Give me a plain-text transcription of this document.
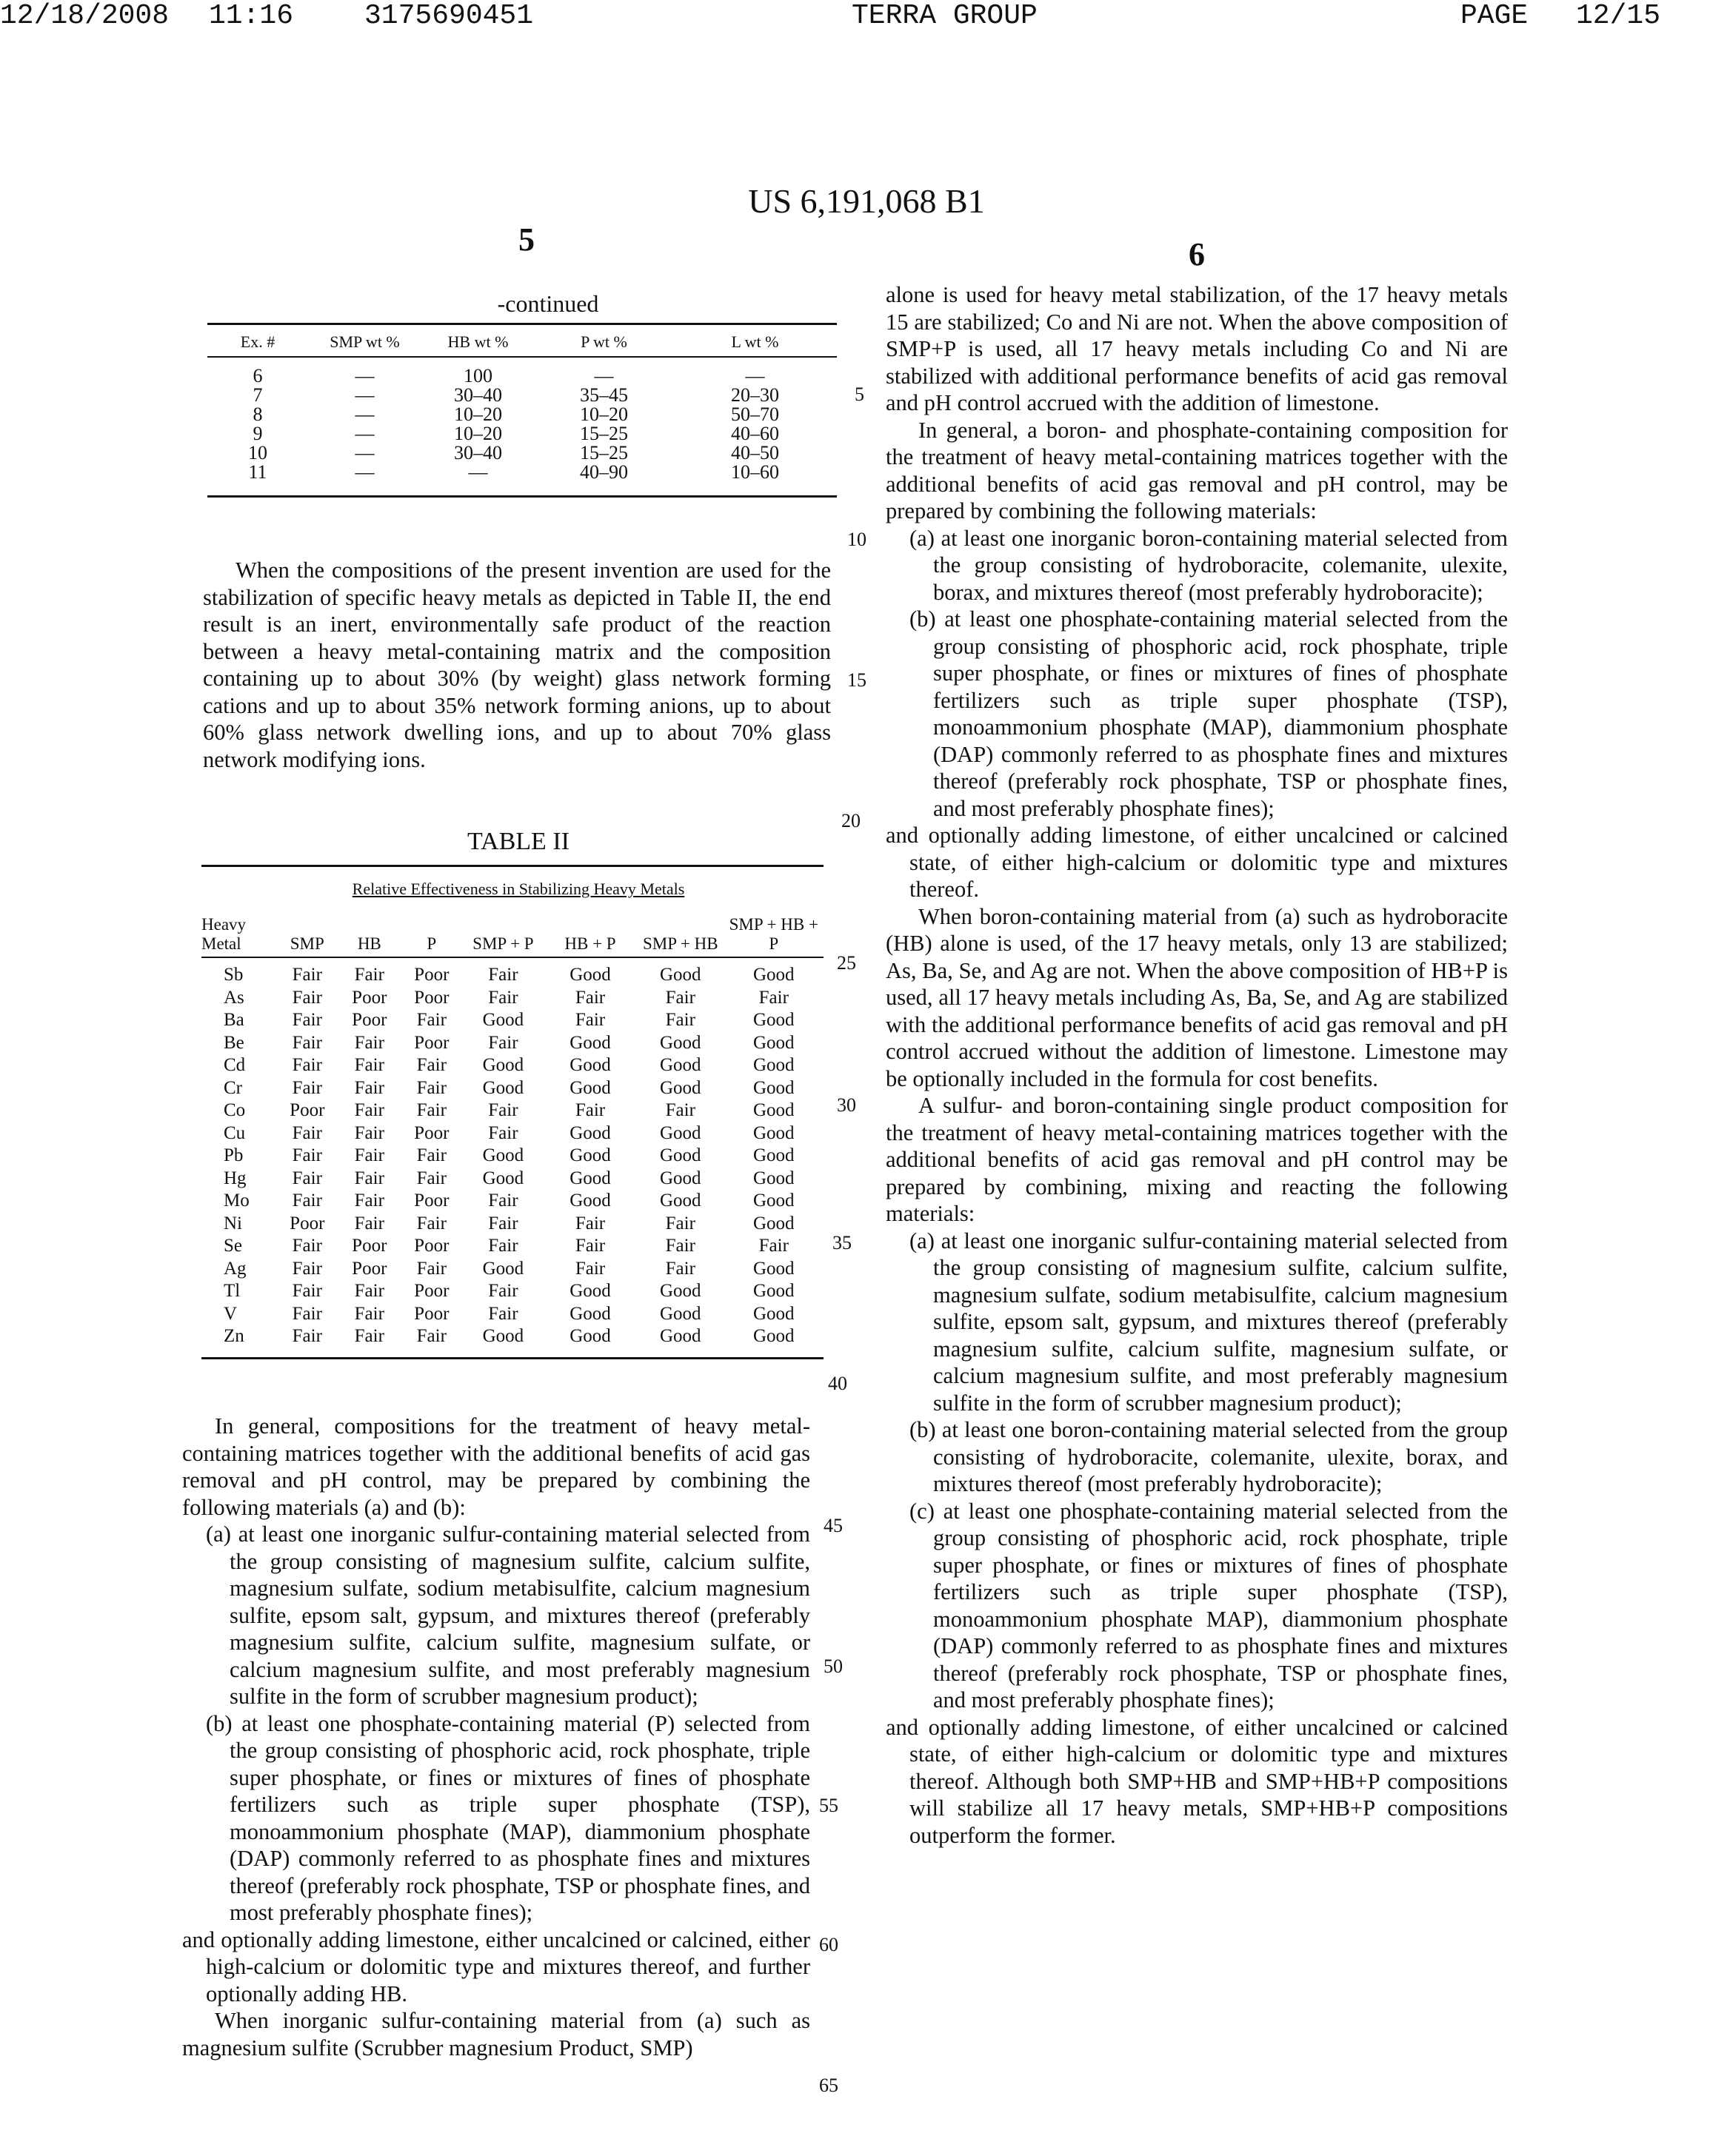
12/18/2008 11:16	3175690451	TERRA GROUP	PAGE 12/15
US 6,191,068 B1
5	6
-continued
Ex. #	SMP wt %	HB wt %	P wt %	L wt %
6	—	100	—	—
7	—	30–40	35–45	20–30
8	—	10–20	10–20	50–70
9	—	10–20	15–25	40–60
10	—	30–40	15–25	40–50
11	—	—	40–90	10–60

When the compositions of the present invention are used for the stabilization of specific heavy metals as depicted in Table II, the end result is an inert, environmentally safe product of the reaction between a heavy metal-containing matrix and the composition containing up to about 30% (by weight) glass network forming cations and up to about 35% network forming anions, up to about 60% glass network dwelling ions, and up to about 70% glass network modifying ions.

TABLE II
Relative Effectiveness in Stabilizing Heavy Metals
Heavy Metal	SMP	HB	P	SMP + P	HB + P	SMP + HB	SMP + HB + P
Sb	Fair	Fair	Poor	Fair	Good	Good	Good
As	Fair	Poor	Poor	Fair	Fair	Fair	Fair
Ba	Fair	Poor	Fair	Good	Fair	Fair	Good
Be	Fair	Fair	Poor	Fair	Good	Good	Good
Cd	Fair	Fair	Fair	Good	Good	Good	Good
Cr	Fair	Fair	Fair	Good	Good	Good	Good
Co	Poor	Fair	Fair	Fair	Fair	Fair	Good
Cu	Fair	Fair	Poor	Fair	Good	Good	Good
Pb	Fair	Fair	Fair	Good	Good	Good	Good
Hg	Fair	Fair	Fair	Good	Good	Good	Good
Mo	Fair	Fair	Poor	Fair	Good	Good	Good
Ni	Poor	Fair	Fair	Fair	Fair	Fair	Good
Se	Fair	Poor	Poor	Fair	Fair	Fair	Fair
Ag	Fair	Poor	Fair	Good	Fair	Fair	Good
Tl	Fair	Fair	Poor	Fair	Good	Good	Good
V	Fair	Fair	Poor	Fair	Good	Good	Good
Zn	Fair	Fair	Fair	Good	Good	Good	Good

In general, compositions for the treatment of heavy metal-containing matrices together with the additional benefits of acid gas removal and pH control, may be prepared by combining the following materials (a) and (b):

(a) at least one inorganic sulfur-containing material selected from the group consisting of magnesium sulfite, calcium sulfite, magnesium sulfate, sodium metabisulfite, calcium magnesium sulfite, epsom salt, gypsum, and mixtures thereof (preferably magnesium sulfite, calcium sulfite, magnesium sulfate, or calcium magnesium sulfite, and most preferably magnesium sulfite in the form of scrubber magnesium product);

(b) at least one phosphate-containing material (P) selected from the group consisting of phosphoric acid, rock phosphate, triple super phosphate, or fines or mixtures of fines of phosphate fertilizers such as triple super phosphate (TSP), monoammonium phosphate (MAP), diammonium phosphate (DAP) commonly referred to as phosphate fines and mixtures thereof (preferably rock phosphate, TSP or phosphate fines, and most preferably phosphate fines);

and optionally adding limestone, either uncalcined or calcined, either high-calcium or dolomitic type and mixtures thereof, and further optionally adding HB.

When inorganic sulfur-containing material from (a) such as magnesium sulfite (Scrubber magnesium Product, SMP)

alone is used for heavy metal stabilization, of the 17 heavy metals 15 are stabilized; Co and Ni are not. When the above composition of SMP+P is used, all 17 heavy metals including Co and Ni are stabilized with additional performance benefits of acid gas removal and pH control accrued with the addition of limestone.

In general, a boron- and phosphate-containing composition for the treatment of heavy metal-containing matrices together with the additional benefits of acid gas removal and pH control, may be prepared by combining the following materials:

(a) at least one inorganic boron-containing material selected from the group consisting of hydroboracite, colemanite, ulexite, borax, and mixtures thereof (most preferably hydroboracite);

(b) at least one phosphate-containing material selected from the group consisting of phosphoric acid, rock phosphate, triple super phosphate, or fines or mixtures of fines of phosphate fertilizers such as triple super phosphate (TSP), monoammonium phosphate (MAP), diammonium phosphate (DAP) commonly referred to as phosphate fines and mixtures thereof (preferably rock phosphate, TSP or phosphate fines, and most preferably phosphate fines);

and optionally adding limestone, of either uncalcined or calcined state, of either high-calcium or dolomitic type and mixtures thereof.

When boron-containing material from (a) such as hydroboracite (HB) alone is used, of the 17 heavy metals, only 13 are stabilized; As, Ba, Se, and Ag are not. When the above composition of HB+P is used, all 17 heavy metals including As, Ba, Se, and Ag are stabilized with the additional performance benefits of acid gas removal and pH control accrued without the addition of limestone. Limestone may be optionally included in the formula for cost benefits.

A sulfur- and boron-containing single product composition for the treatment of heavy metal-containing matrices together with the additional benefits of acid gas removal and pH control may be prepared by combining, mixing and reacting the following materials:

(a) at least one inorganic sulfur-containing material selected from the group consisting of magnesium sulfite, calcium sulfite, magnesium sulfate, sodium metabisulfite, calcium magnesium sulfite, epsom salt, gypsum, and mixtures thereof (preferably magnesium sulfite, calcium sulfite, magnesium sulfate, or calcium magnesium sulfite, and most preferably magnesium sulfite in the form of scrubber magnesium product);

(b) at least one boron-containing material selected from the group consisting of hydroboracite, colemanite, ulexite, borax, and mixtures thereof (most preferably hydroboracite);

(c) at least one phosphate-containing material selected from the group consisting of phosphoric acid, rock phosphate, triple super phosphate, or fines or mixtures of fines of phosphate fertilizers such as triple super phosphate (TSP), monoammonium phosphate MAP), diammonium phosphate (DAP) commonly referred to as phosphate fines and mixtures thereof (preferably rock phosphate, TSP or phosphate fines, and most preferably phosphate fines);

and optionally adding limestone, of either uncalcined or calcined state, of either high-calcium or dolomitic type and mixtures thereof. Although both SMP+HB and SMP+HB+P compositions will stabilize all 17 heavy metals, SMP+HB+P compositions outperform the former.

5
10
15
20
25
30
35
40
45
50
55
60
65
